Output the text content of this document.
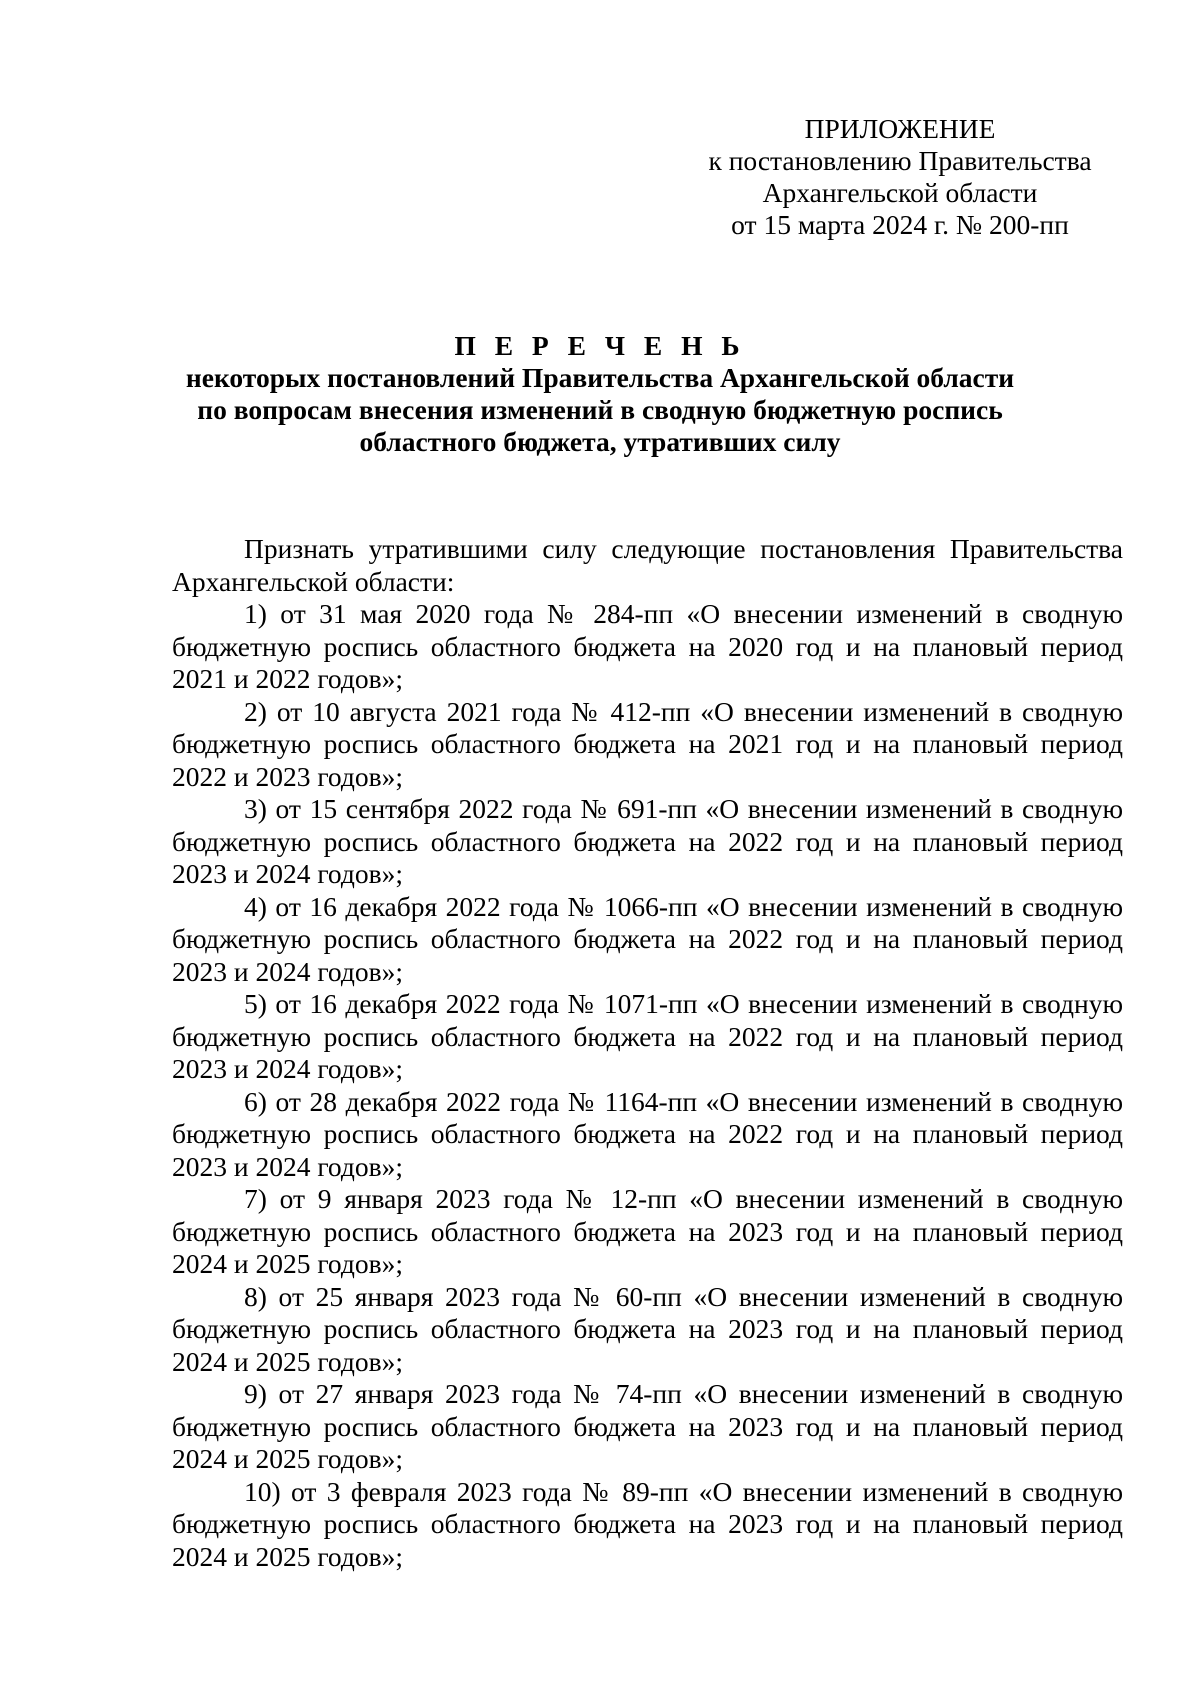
ПРИЛОЖЕНИЕ
к постановлению Правительства
Архангельской области
от 15 марта 2024 г. № 200-пп
П Е Р Е Ч Е Н Ь
некоторых постановлений Правительства Архангельской области
по вопросам внесения изменений в сводную бюджетную роспись
областного бюджета, утративших силу

Признать утратившими силу следующие постановления Правительства Архангельской области:

1) от 31 мая 2020 года № 284-пп «О внесении изменений в сводную бюджетную роспись областного бюджета на 2020 год и на плановый период 2021 и 2022 годов»;

2) от 10 августа 2021 года № 412-пп «О внесении изменений в сводную бюджетную роспись областного бюджета на 2021 год и на плановый период 2022 и 2023 годов»;

3) от 15 сентября 2022 года № 691-пп «О внесении изменений в сводную бюджетную роспись областного бюджета на 2022 год и на плановый период 2023 и 2024 годов»;

4) от 16 декабря 2022 года № 1066-пп «О внесении изменений в сводную бюджетную роспись областного бюджета на 2022 год и на плановый период 2023 и 2024 годов»;

5) от 16 декабря 2022 года № 1071-пп «О внесении изменений в сводную бюджетную роспись областного бюджета на 2022 год и на плановый период 2023 и 2024 годов»;

6) от 28 декабря 2022 года № 1164-пп «О внесении изменений в сводную бюджетную роспись областного бюджета на 2022 год и на плановый период 2023 и 2024 годов»;

7) от 9 января 2023 года № 12-пп «О внесении изменений в сводную бюджетную роспись областного бюджета на 2023 год и на плановый период 2024 и 2025 годов»;

8) от 25 января 2023 года № 60-пп «О внесении изменений в сводную бюджетную роспись областного бюджета на 2023 год и на плановый период 2024 и 2025 годов»;

9) от 27 января 2023 года № 74-пп «О внесении изменений в сводную бюджетную роспись областного бюджета на 2023 год и на плановый период 2024 и 2025 годов»;

10) от 3 февраля 2023 года № 89-пп «О внесении изменений в сводную бюджетную роспись областного бюджета на 2023 год и на плановый период 2024 и 2025 годов»;
